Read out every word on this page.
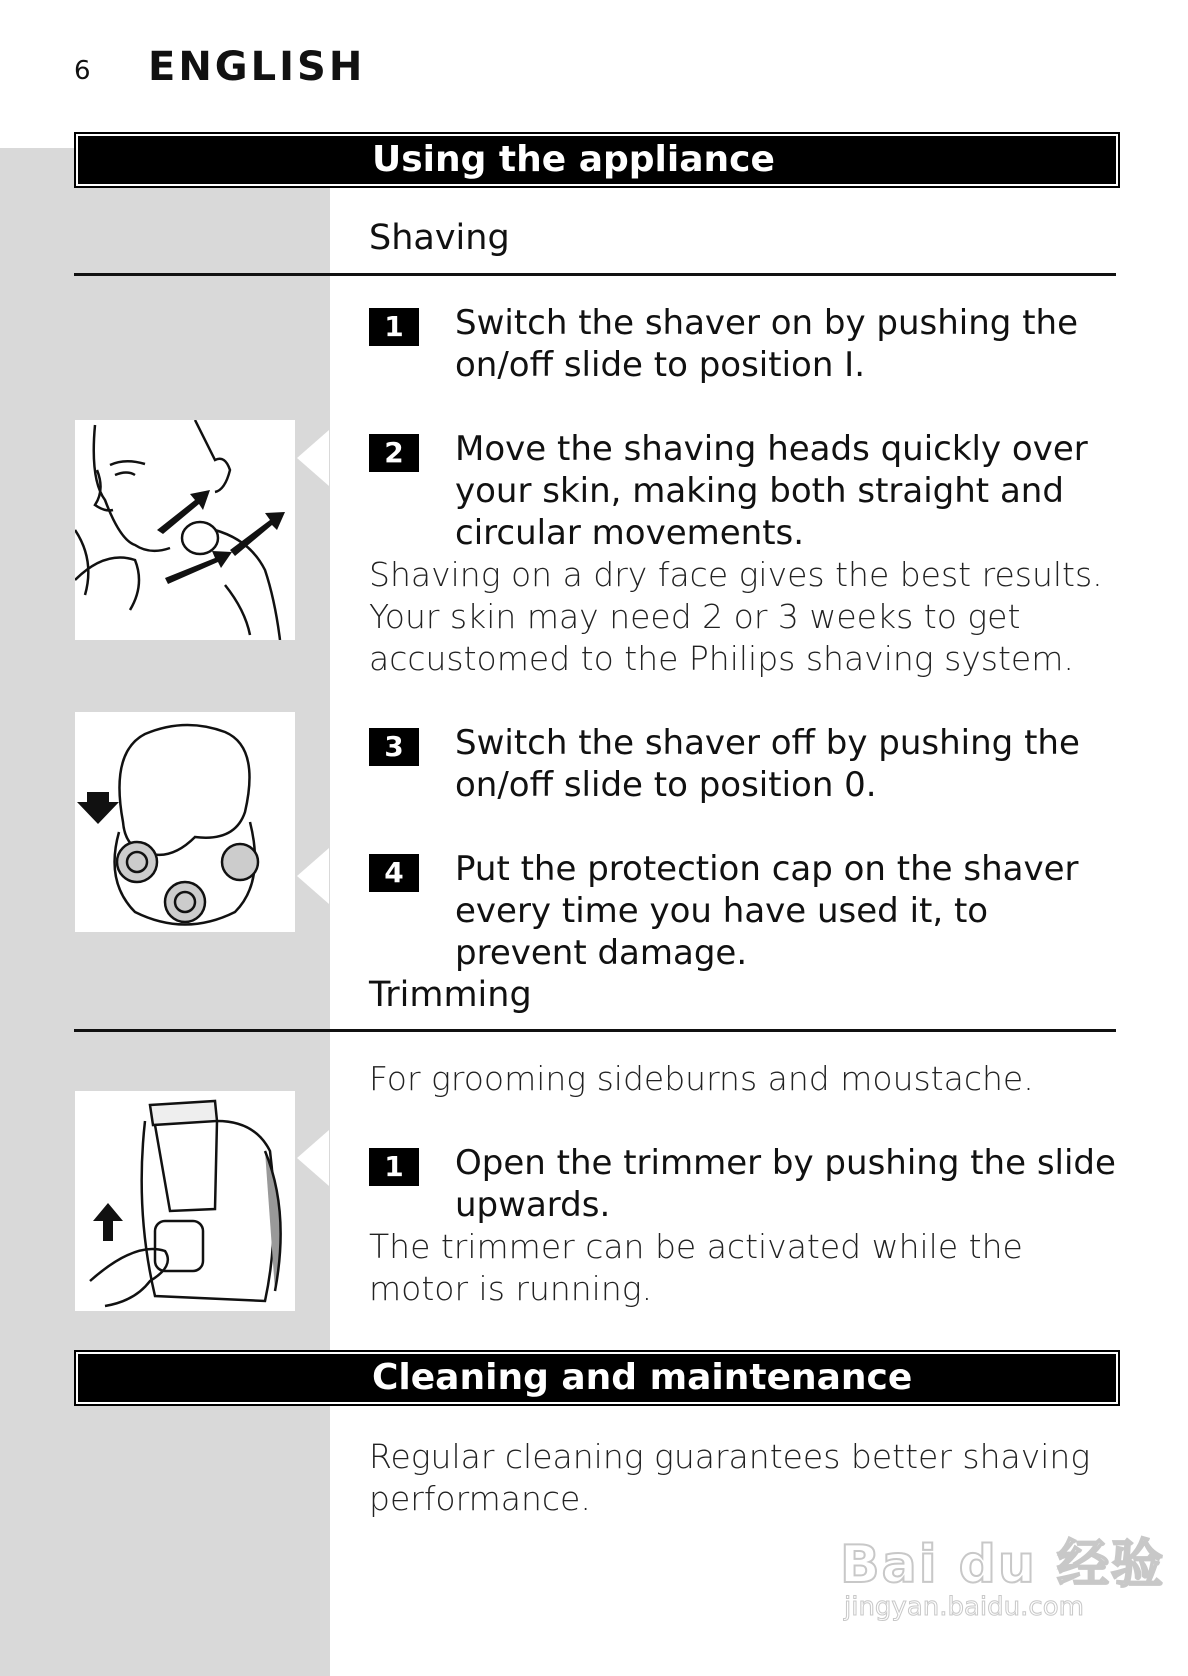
6 ENGLISH
Using the appliance
Shaving
1	Switch the shaver on by pushing the on/off slide to position I.
2	Move the shaving heads quickly over your skin, making both straight and circular movements.
Shaving on a dry face gives the best results. Your skin may need 2 or 3 weeks to get accustomed to the Philips shaving system.
3	Switch the shaver off by pushing the on/off slide to position 0.
4	Put the protection cap on the shaver every time you have used it, to prevent damage.
Trimming
For grooming sideburns and moustache.
1	Open the trimmer by pushing the slide upwards.
The trimmer can be activated while the motor is running.
Cleaning and maintenance
Regular cleaning guarantees better shaving performance.
Bai du 经验
jingyan.baidu.com
